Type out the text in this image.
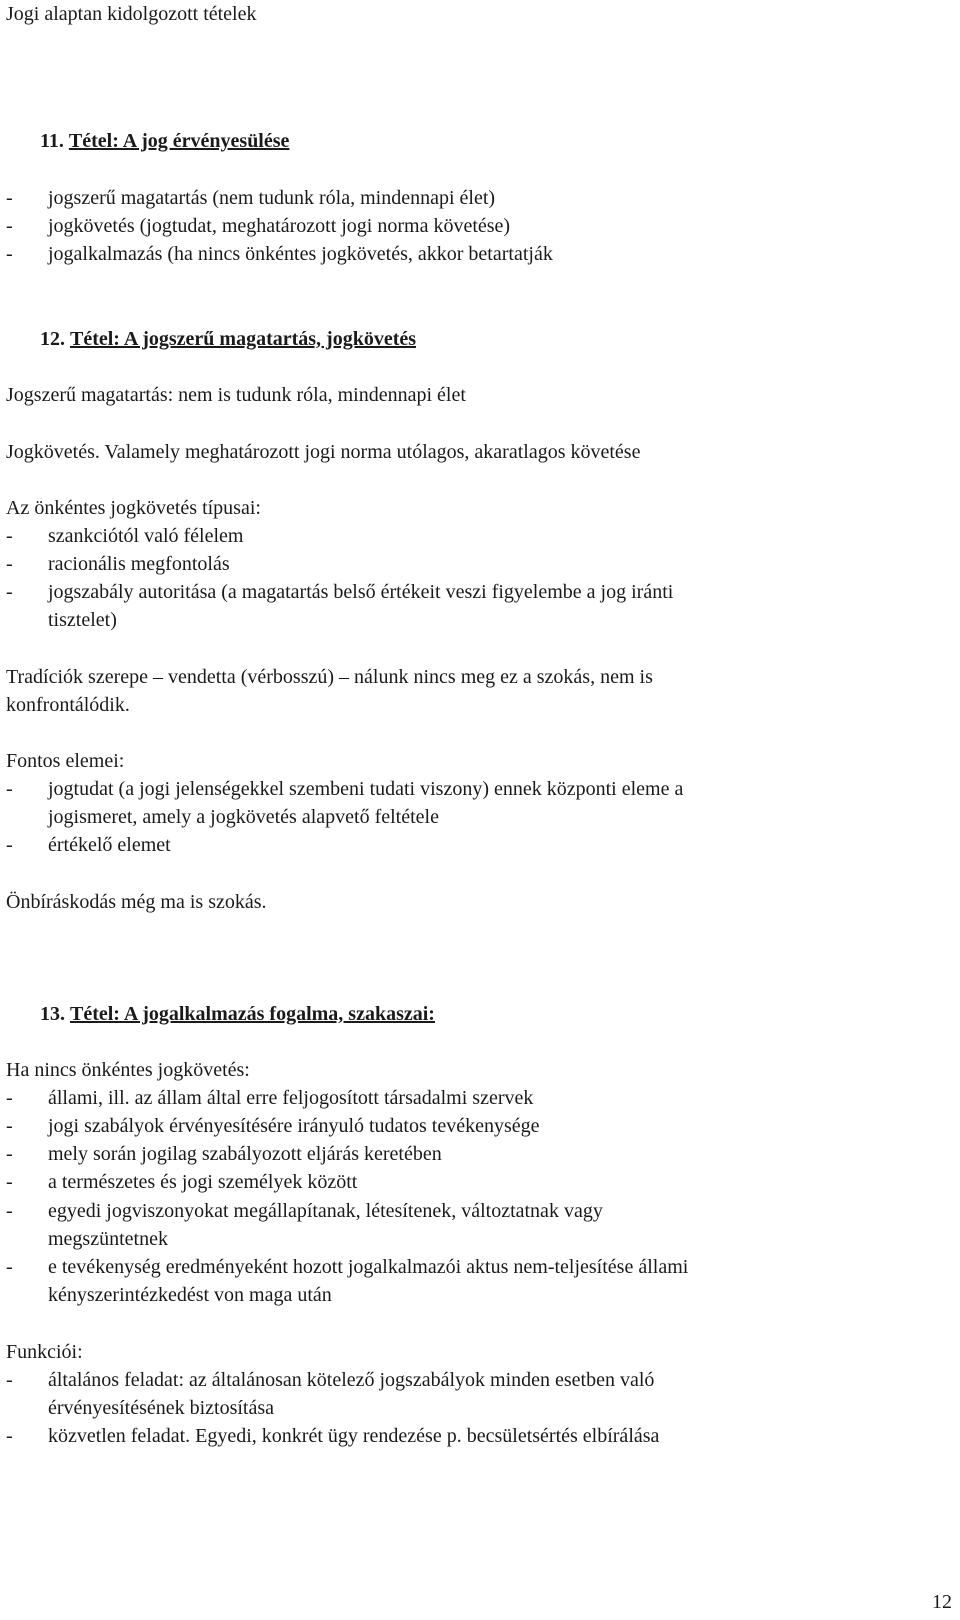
Jogi alaptan kidolgozott tételek
11. Tétel: A jog érvényesülése
- jogszerű magatartás (nem tudunk róla, mindennapi élet)
- jogkövetés (jogtudat, meghatározott jogi norma követése)
- jogalkalmazás (ha nincs önkéntes jogkövetés, akkor betartatják
12. Tétel: A jogszerű magatartás, jogkövetés
Jogszerű magatartás: nem is tudunk róla, mindennapi élet
Jogkövetés. Valamely meghatározott jogi norma utólagos, akaratlagos követése
Az önkéntes jogkövetés típusai:
- szankciótól való félelem
- racionális megfontolás
- jogszabály autoritása (a magatartás belső értékeit veszi figyelembe a jog iránti
tisztelet)
Tradíciók szerepe – vendetta (vérbosszú) – nálunk nincs meg ez a szokás, nem is
konfrontálódik.
Fontos elemei:
- jogtudat (a jogi jelenségekkel szembeni tudati viszony) ennek központi eleme a
jogismeret, amely a jogkövetés alapvető feltétele
- értékelő elemet
Önbíráskodás még ma is szokás.
13. Tétel: A jogalkalmazás fogalma, szakaszai:
Ha nincs önkéntes jogkövetés:
- állami, ill. az állam által erre feljogosított társadalmi szervek
- jogi szabályok érvényesítésére irányuló tudatos tevékenysége
- mely során jogilag szabályozott eljárás keretében
- a természetes és jogi személyek között
- egyedi jogviszonyokat megállapítanak, létesítenek, változtatnak vagy
megszüntetnek
- e tevékenység eredményeként hozott jogalkalmazói aktus nem-teljesítése állami
kényszerintézkedést von maga után
Funkciói:
- általános feladat: az általánosan kötelező jogszabályok minden esetben való
érvényesítésének biztosítása
- közvetlen feladat. Egyedi, konkrét ügy rendezése p. becsületsértés elbírálása
12
